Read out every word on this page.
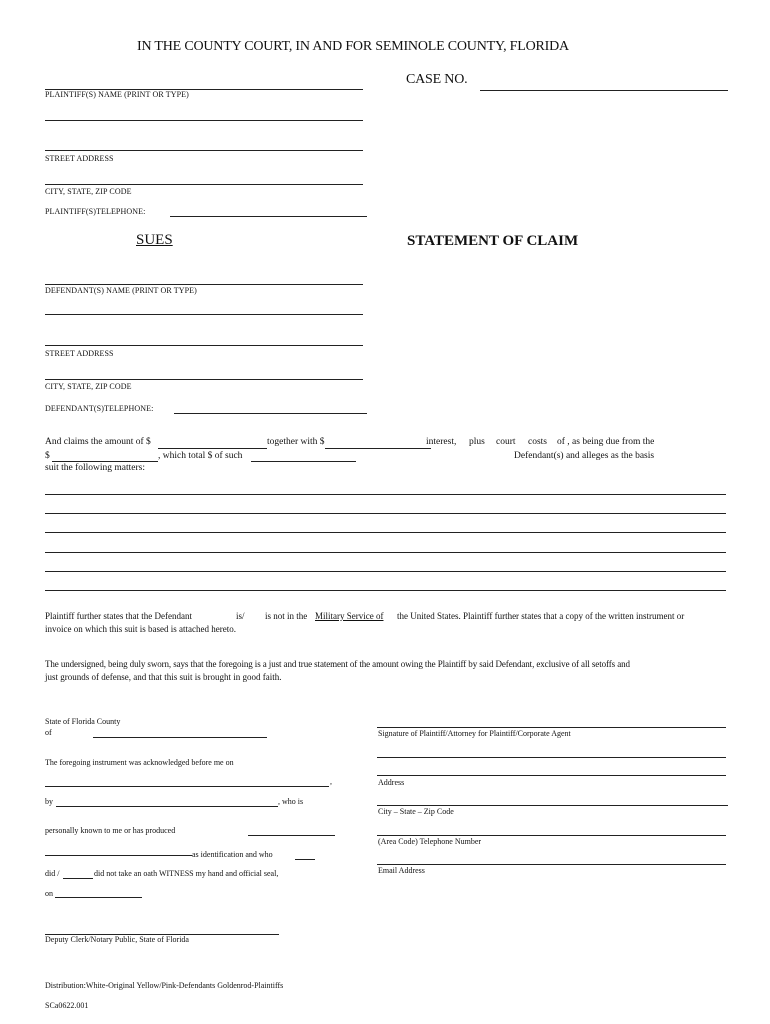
IN THE COUNTY COURT, IN AND FOR SEMINOLE COUNTY, FLORIDA
CASE NO.
PLAINTIFF(S) NAME (PRINT OR TYPE)
STREET ADDRESS
CITY, STATE, ZIP CODE
PLAINTIFF(S)TELEPHONE:
SUES	STATEMENT OF CLAIM
DEFENDANT(S) NAME (PRINT OR TYPE)
STREET ADDRESS
CITY, STATE, ZIP CODE
DEFENDANT(S)TELEPHONE:
And claims the amount of $	together with $	interest, plus court costs of , as being due from the
$	, which total $ of such	Defendant(s) and alleges as the basis
suit the following matters:
Plaintiff further states that the Defendant	is/ is not in the Military Service of the United States. Plaintiff further states that a copy of the written instrument or
invoice on which this suit is based is attached hereto.
The undersigned, being duly sworn, says that the foregoing is a just and true statement of the amount owing the Plaintiff by said Defendant, exclusive of all setoffs and
just grounds of defense, and that this suit is brought in good faith.
State of Florida County
of
The foregoing instrument was acknowledged before me on
,
by	, who is
personally known to me or has produced
as identification and who
did /	did not take an oath WITNESS my hand and official seal,
on
Deputy Clerk/Notary Public, State of Florida
Signature of Plaintiff/Attorney for Plaintiff/Corporate Agent
Address
City – State – Zip Code
(Area Code) Telephone Number
Email Address
Distribution:White-Original Yellow/Pink-Defendants Goldenrod-Plaintiffs
SCa0622.001
